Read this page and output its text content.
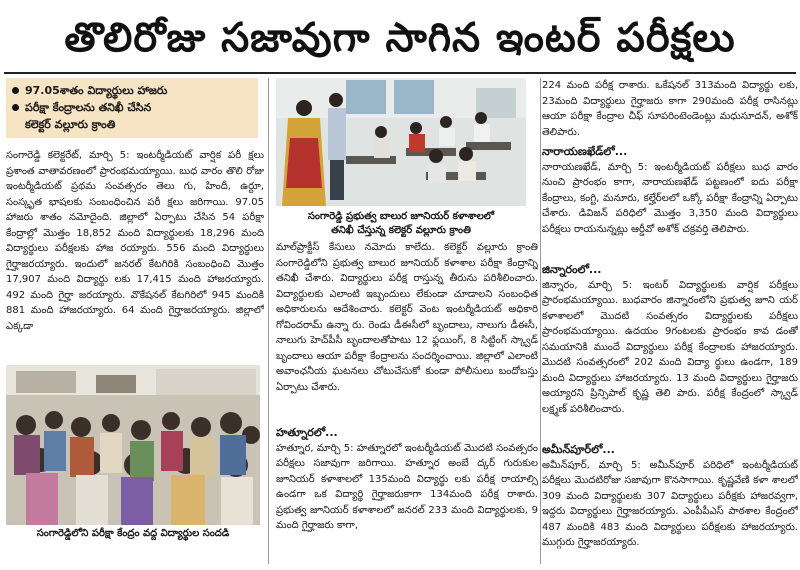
తొలిరోజు సజావుగా సాగిన ఇంటర్ పరీక్షలు
97.05శాతం విద్యార్థులు హాజరు
పరీక్షా కేంద్రాలను తనిఖీ చేసిన
కలెక్టర్ వల్లూరు క్రాంతి

సంగారెడ్డి కలెక్టరేట్, మార్చి 5: ఇంటర్మీడియట్ వార్షిక పరీ క్షలు ప్రశాంత వాతావరణంలో ప్రారంభమయ్యాయి. బుధ వారం తొలి రోజు ఇంటర్మీడియట్ ప్రథమ సంవత్సరం తెలు గు, హిందీ, ఉర్దూ, సంస్కృత భాషలకు సంబంధించిన పరీ క్షలు జరిగాయి. 97.05 హాజరు శాతం నమోదైంది. జిల్లాలో ఏర్పాటు చేసిన 54 పరీక్షా కేంద్రాల్లో మొత్తం 18,852 మంది విద్యార్థులకు 18,296 మంది విద్యార్థులు పరీక్షలకు హాజ రయ్యారు. 556 మంది విద్యార్థులు గైర్హాజరయ్యారు. ఇందులో జనరల్ కేటగిరికి సంబంధించి మొత్తం 17,907 మంది విద్యార్థు లకు 17,415 మంది హాజరయ్యారు. 492 మంది గైర్హా జరయ్యారు. వొకేషనల్ కేటగిరిలో 945 మందికి 881 మంది హాజరయ్యారు. 64 మంది గైర్హాజరయ్యారు. జిల్లాలో ఎక్కడా

సంగారెడ్డిలోని పరీక్షా కేంద్రం వద్ద విద్యార్థుల సందడి
సంగారెడ్డి ప్రభుత్వ బాలుర జూనియర్ కళాశాలలో
తనిఖీ చేస్తున్న కలెక్టర్ వల్లూరు క్రాంతి

మాల్‌ప్రాక్టీస్ కేసులు నమోదు కాలేదు. కలెక్టర్ వల్లూరు క్రాంతి సంగారెడ్డిలోని ప్రభుత్వ బాలుర జూనియర్ కళాశాల పరీక్షా కేంద్రాన్ని తనిఖీ చేశారు. విద్యార్థులు పరీక్ష రాస్తున్న తీరును పరిశీలించారు. విద్యార్థులకు ఎలాంటి ఇబ్బందులు లేకుండా చూడాలని సంబంధిత అధికారులను ఆదేశించారు. కలెక్టర్ వెంట ఇంటర్మీడియట్ అధికారి గోవిందరామ్ ఉన్నా రు. రెండు డీఈసీలో బృందాలు, నాలుగు డీఈసీ, నాలుగు హెచ్‌పీసీ బృందాలతోపాటు 12 ఫ్లయింగ్, 8 సిట్టింగ్ స్క్వాడ్ బృందాలు ఆయా పరీక్షా కేంద్రాలను సందర్శించాయి. జిల్లాలో ఎలాంటి అవాంఛనీయ ఘటనలు చోటుచేసుకో కుండా పోలీసులు బందోబస్తు ఏర్పాటు చేశారు.

హత్నూరలో...

హత్నూర, మార్చి 5: హత్నూరలో ఇంటర్మీడియట్ మొదటి సంవత్సరం పరీక్షలు సజావుగా జరిగాయి. హత్నూర అంబే ద్కర్ గురుకుల జూనియర్ కళాశాలలో 135మంది విద్యార్థు లకు పరీక్ష రాయాల్సి ఉండగా ఒక విద్యార్థి గైర్హాజరుకాగా 134మంది పరీక్ష రాశారు. ప్రభుత్వ జూనియర్ కళాశాలలో జనరల్ 233 మంది విద్యార్థులకు, 9 మంది గైర్హాజరు కాగా,

224 మంది పరీక్ష రాశారు. ఒకేషనల్ 313మంది విద్యార్థు లకు, 23మంది విద్యార్థులు గైర్హాజరు కాగా 290మంది పరీక్ష రాసినట్లు ఆయా పరీక్షా కేంద్రాల చీఫ్ సూపరింటెండెంట్లు మధుసూదన్, అశోక్ తెలిపారు.

నారాయణఖేడ్‌లో...

నారాయణఖేడ్, మార్చి 5: ఇంటర్మీడియట్ పరీక్షలు బుధ వారం నుంచి ప్రారంభం కాగా, నారాయణఖేడ్ పట్టణంలో ఐదు పరీక్షా కేంద్రాలు, కంగ్టి, మనూరు, కల్హేర్‌లలో ఒక్కో పరీక్షా కేంద్రాన్ని ఏర్పాటు చేశారు. డివిజన్ పరిధిలో మొత్తం 3,350 మంది విద్యార్థులు పరీక్షలు రాయనున్నట్లు ఆర్డీవో అశోక్ చక్రవర్తి తెలిపారు.

జిన్నారంలో...

జిన్నారం, మార్చి 5: ఇంటర్ విద్యార్థులకు వార్షిక పరీక్షలు ప్రారంభమయ్యాయి. బుధవారం జిన్నారంలోని ప్రభుత్వ జూని యర్ కళాశాలలో మొదటి సంవత్సరం విద్యార్థులకు పరీక్షలు ప్రారంభమయ్యాయి. ఉదయం 9గంటలకు ప్రారంభం కావ డంతో సమయానికి ముందే విద్యార్థులు పరీక్ష కేంద్రాలకు హాజరయ్యారు. మొదటి సంవత్సరంలో 202 మంది విద్యా ర్థులు ఉండగా, 189 మంది విద్యార్థులు హాజరయ్యారు. 13 మంది విద్యార్థులు గైర్హాజరు అయ్యారని ప్రిన్సిపాల్ కృష్ణ తెలి పారు. పరీక్ష కేంద్రంలో స్క్వాడ్ లక్ష్మణ్ పరిశీలించారు.

అమీన్‌పూర్‌లో...

అమీన్‌పూర్, మార్చి 5: అమీన్‌పూర్ పరిధిలో ఇంటర్మీడియట్ పరీక్షలు మొదటిరోజు సజావుగా కొనసాగాయి. కృష్ణవేణి కళా శాలలో 309 మంది విద్యార్థులకు 307 విద్యార్థులు పరీక్షకు హాజరవ్వగా, ఇద్దరు విద్యార్థులు గైర్హాజరయ్యారు. ఎంపీపీఎస్ పాఠశాల కేంద్రంలో 487 మందికి 483 మంది విద్యార్థులు పరీక్షలకు హాజరయ్యారు. ముగ్గురు గైర్హాజరయ్యారు.
